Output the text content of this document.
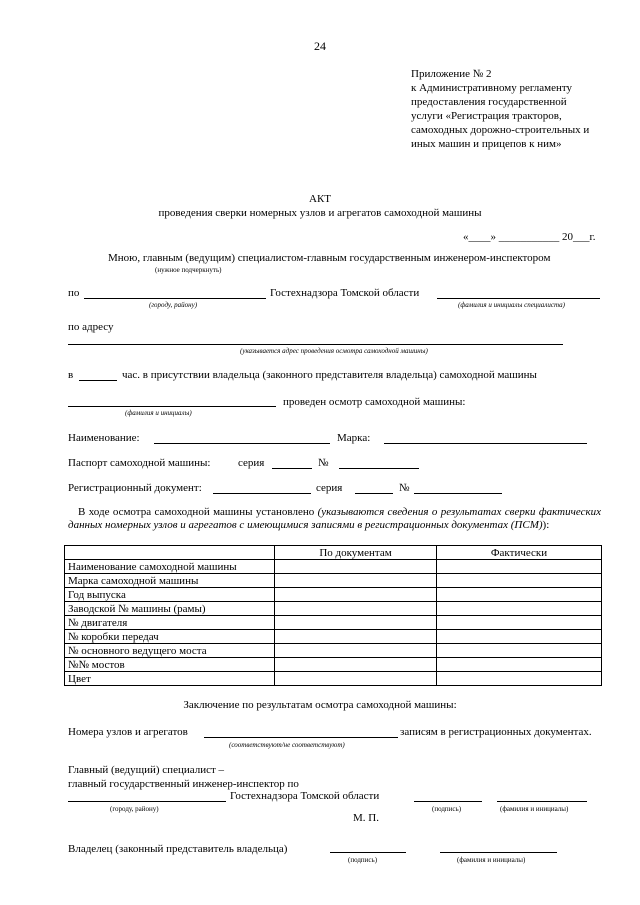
24
Приложение № 2
к Административному регламенту
предоставления государственной
услуги «Регистрация тракторов,
самоходных дорожно-строительных и
иных машин и прицепов к ним»
АКТ
проведения сверки номерных узлов и агрегатов самоходной машины
«____» ___________ 20___г.
Мною, главным (ведущим) специалистом-главным государственным инженером-инспектором
(нужное подчеркнуть)
по	Гостехнадзора Томской области
(городу, району)	(фамилия и инициалы специалиста)
по адресу
(указывается адрес проведения осмотра самоходной машины)
в	час. в присутствии владельца (законного представителя владельца) самоходной машины
проведен осмотр самоходной машины:
(фамилия и инициалы)
Наименование:	Марка:
Паспорт самоходной машины:	серия	№
Регистрационный документ:	серия	№
В ходе осмотра самоходной машины установлено (указываются сведения о результатах сверки фактических данных номерных узлов и агрегатов с имеющимися записями в регистрационных документах (ПСМ)):
	По документам	Фактически
Наименование самоходной машины		
Марка самоходной машины		
Год выпуска		
Заводской № машины (рамы)		
№ двигателя		
№ коробки передач		
№ основного ведущего моста		
№№ мостов		
Цвет		
Заключение по результатам осмотра самоходной машины:
Номера узлов и агрегатов	записям в регистрационных документах.
(соответствуют/не соответствуют)
Главный (ведущий) специалист –
главный государственный инженер-инспектор по
Гостехнадзора Томской области
(городу, району)	(подпись)	(фамилия и инициалы)
М. П.
Владелец (законный представитель владельца)
(подпись)	(фамилия и инициалы)
